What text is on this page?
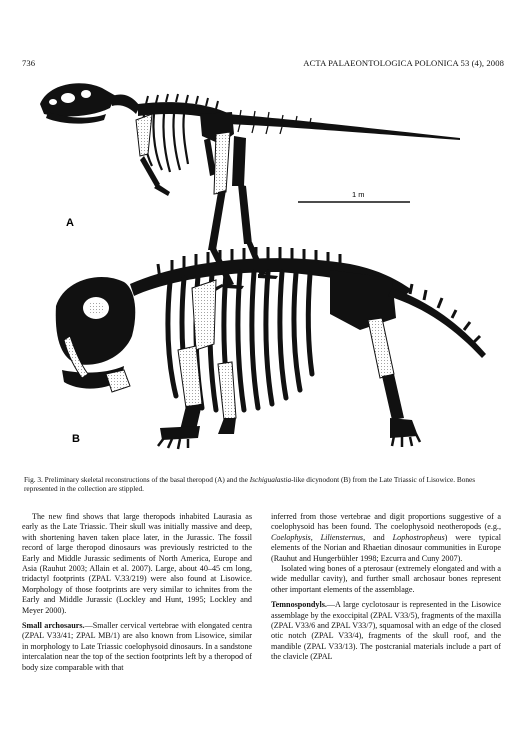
736	ACTA PALAEONTOLOGICA POLONICA 53 (4), 2008
A
1 m
B
Fig. 3. Preliminary skeletal reconstructions of the basal theropod (A) and the Ischigualastia-like dicynodont (B) from the Late Triassic of Lisowice. Bones represented in the collection are stippled.

The new find shows that large theropods inhabited Laurasia as early as the Late Triassic. Their skull was initially massive and deep, with shortening haven taken place later, in the Jurassic. The fossil record of large theropod dinosaurs was previously restricted to the Early and Middle Jurassic sediments of North America, Europe and Asia (Rauhut 2003; Allain et al. 2007). Large, about 40–45 cm long, tridactyl footprints (ZPAL V.33/219) were also found at Lisowice. Morphology of those footprints are very similar to ichnites from the Early and Middle Jurassic (Lockley and Hunt, 1995; Lockley and Meyer 2000).

Small archosaurs.—Smaller cervical vertebrae with elongated centra (ZPAL V33/41; ZPAL MB/1) are also known from Lisowice, similar in morphology to Late Triassic coelophysoid dinosaurs. In a sandstone intercalation near the top of the section footprints left by a theropod of body size comparable with that

inferred from those vertebrae and digit proportions suggestive of a coelophysoid has been found. The coelophysoid neotheropods (e.g., Coelophysis, Liliensternus, and Lophostropheus) were typical elements of the Norian and Rhaetian dinosaur communities in Europe (Rauhut and Hungerbühler 1998; Ezcurra and Cuny 2007).

Isolated wing bones of a pterosaur (extremely elongated and with a wide medullar cavity), and further small archosaur bones represent other important elements of the assemblage.

Temnospondyls.—A large cyclotosaur is represented in the Lisowice assemblage by the exoccipital (ZPAL V33/5), fragments of the maxilla (ZPAL V33/6 and ZPAL V33/7), squamosal with an edge of the closed otic notch (ZPAL V33/4), fragments of the skull roof, and the mandible (ZPAL V33/13). The postcranial materials include a part of the clavicle (ZPAL
